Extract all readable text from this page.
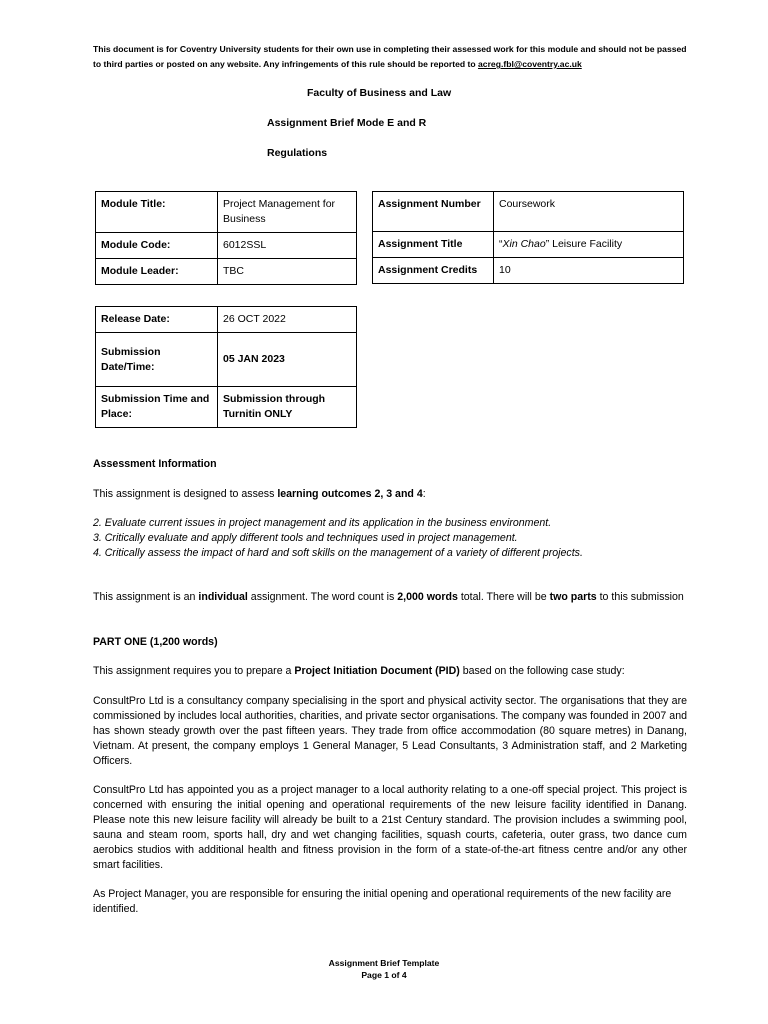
This document is for Coventry University students for their own use in completing their assessed work for this module and should not be passed to third parties or posted on any website. Any infringements of this rule should be reported to acreg.fbl@coventry.ac.uk
Faculty of Business and Law
Assignment Brief Mode E and R
Regulations
Module Title:	Project Management for Business
Module Code:	6012SSL
Module Leader:	TBC
Assignment Number	Coursework
Assignment Title	“Xin Chao” Leisure Facility
Assignment Credits	10
Release Date:	26 OCT 2022
Submission Date/Time:	05 JAN 2023
Submission Time and Place:	Submission through Turnitin ONLY
Assessment Information
This assignment is designed to assess learning outcomes 2, 3 and 4:
2. Evaluate current issues in project management and its application in the business environment.
3. Critically evaluate and apply different tools and techniques used in project management.
4. Critically assess the impact of hard and soft skills on the management of a variety of different projects.
This assignment is an individual assignment. The word count is 2,000 words total. There will be two parts to this submission
PART ONE (1,200 words)
This assignment requires you to prepare a Project Initiation Document (PID) based on the following case study:
ConsultPro Ltd is a consultancy company specialising in the sport and physical activity sector. The organisations that they are commissioned by includes local authorities, charities, and private sector organisations. The company was founded in 2007 and has shown steady growth over the past fifteen years. They trade from office accommodation (80 square metres) in Danang, Vietnam. At present, the company employs 1 General Manager, 5 Lead Consultants, 3 Administration staff, and 2 Marketing Officers.
ConsultPro Ltd has appointed you as a project manager to a local authority relating to a one-off special project. This project is concerned with ensuring the initial opening and operational requirements of the new leisure facility identified in Danang. Please note this new leisure facility will already be built to a 21st Century standard. The provision includes a swimming pool, sauna and steam room, sports hall, dry and wet changing facilities, squash courts, cafeteria, outer grass, two dance cum aerobics studios with additional health and fitness provision in the form of a state-of-the-art fitness centre and/or any other smart facilities.
As Project Manager, you are responsible for ensuring the initial opening and operational requirements of the new facility are identified.
Assignment Brief Template
Page 1 of 4
